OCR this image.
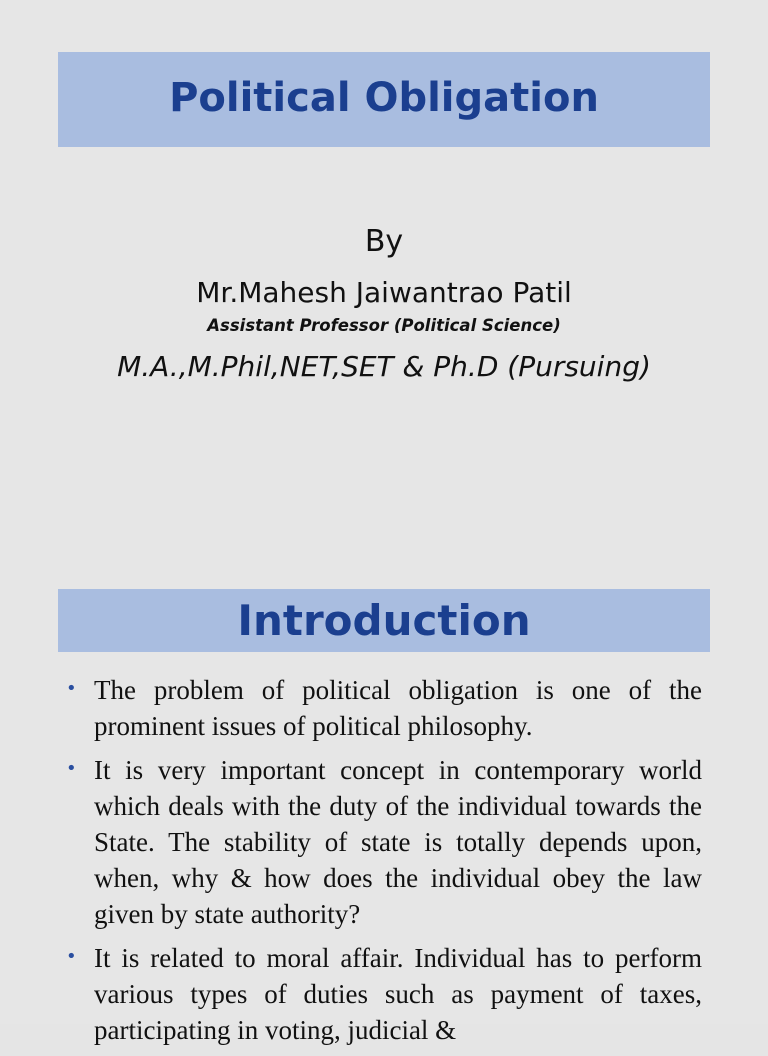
Political Obligation
By
Mr.Mahesh Jaiwantrao Patil
Assistant Professor (Political Science)
M.A.,M.Phil,NET,SET & Ph.D (Pursuing)
Introduction
• The problem of political obligation is one of the prominent issues of political philosophy.
• It is very important concept in contemporary world which deals with the duty of the individual towards the State. The stability of state is totally depends upon, when, why & how does the individual obey the law given by state authority?
• It is related to moral affair. Individual has to perform various types of duties such as payment of taxes, participating in voting, judicial &
